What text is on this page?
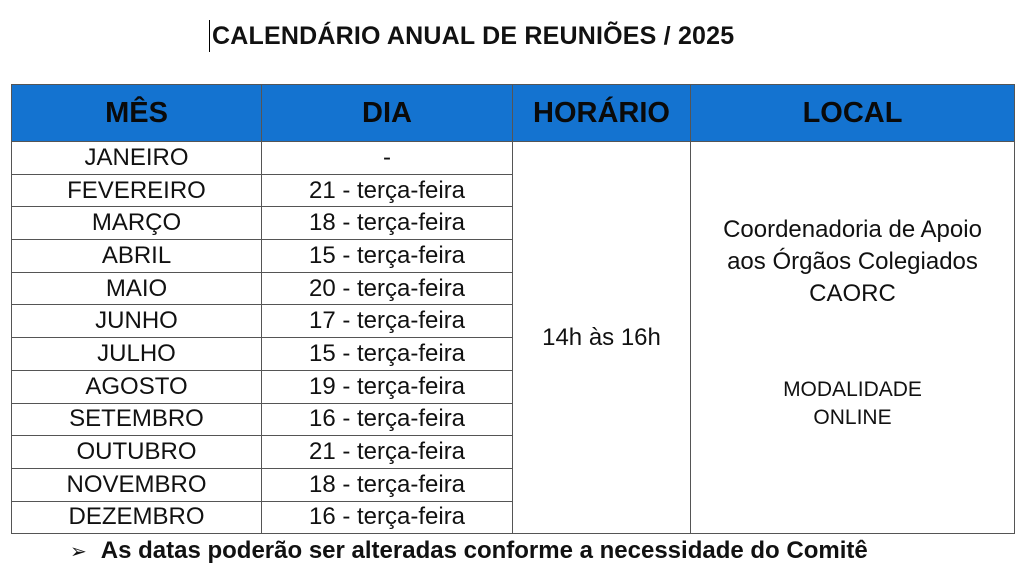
CALENDÁRIO ANUAL DE REUNIÕES / 2025
MÊS	DIA	HORÁRIO	LOCAL
JANEIRO	-	14h às 16h	Coordenadoria de Apoio
aos Órgãos Colegiados
CAORC
MODALIDADE
ONLINE

FEVEREIRO	21 - terça-feira		
MARÇO	18 - terça-feira		
ABRIL	15 - terça-feira		
MAIO	20 - terça-feira		
JUNHO	17 - terça-feira		
JULHO	15 - terça-feira		
AGOSTO	19 - terça-feira		
SETEMBRO	16 - terça-feira		
OUTUBRO	21 - terça-feira		
NOVEMBRO	18 - terça-feira		
DEZEMBRO	16 - terça-feira		
➢ As datas poderão ser alteradas conforme a necessidade do Comitê
